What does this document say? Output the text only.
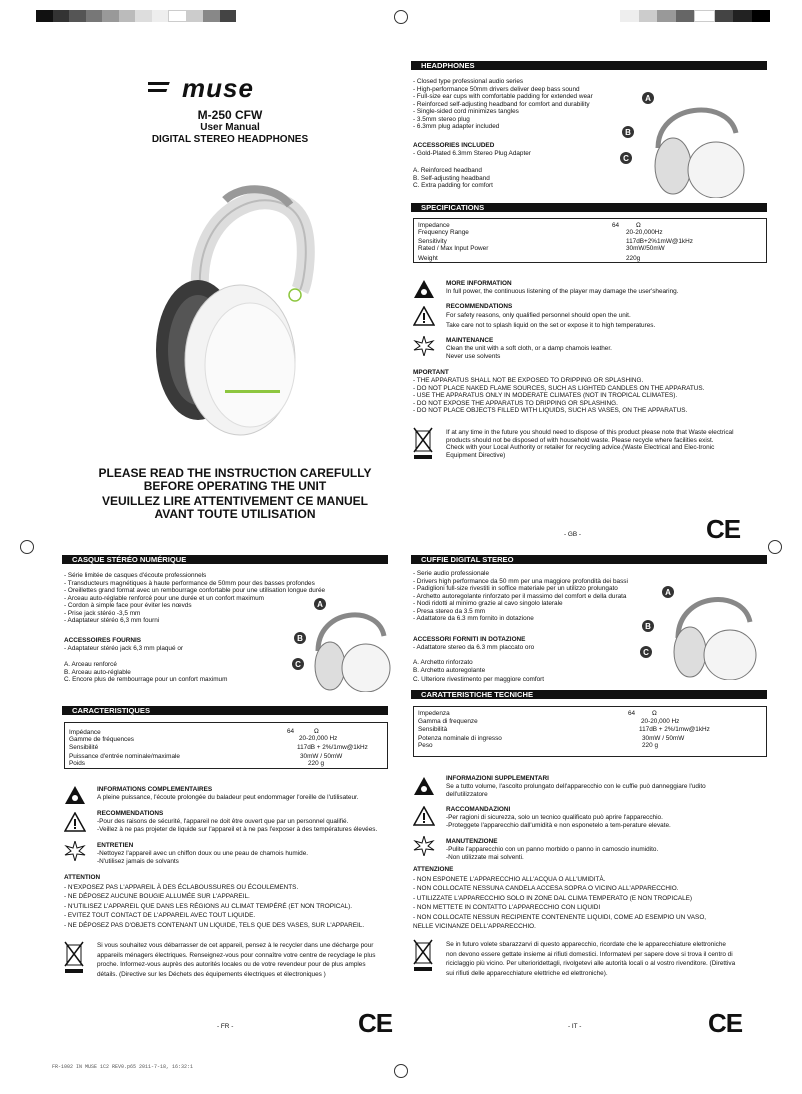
muse
M-250 CFW
User Manual
DIGITAL STEREO HEADPHONES
PLEASE READ THE INSTRUCTION CAREFULLY
BEFORE OPERATING THE UNIT
VEUILLEZ LIRE ATTENTIVEMENT CE MANUEL
AVANT TOUTE UTILISATION
HEADPHONES
- Closed type professional audio series
- High-performance 50mm drivers deliver deep bass sound
- Full-size ear cups with comfortable padding for extended wear
- Reinforced self-adjusting headband for comfort and durability
- Single-sided cord minimizes tangles
- 3.5mm stereo plug
- 6.3mm plug adapter included
ACCESSORIES INCLUDED
- Gold-Plated 6.3mm Stereo Plug Adapter
A. Reinforced headband
B. Self-adjusting headband
C. Extra padding for comfort
A
B
C
SPECIFICATIONS
Impedance	64	Ω
Frequency Range	20-20,000Hz
Sensitivity	117dB+2%1mW@1kHz
Rated / Max Input Power	30mW/50mW
Weight	220g
MORE INFORMATION
In full power, the continuous listening of the player may damage the user'shearing.
RECOMMENDATIONS
For safety reasons, only qualified personnel should open the unit.
Take care not to splash liquid on the set or expose it to high temperatures.
MAINTENANCE
Clean the unit with a soft cloth, or a damp chamois leather.
Never use solvents
MPORTANT
- THE APPARATUS SHALL NOT BE EXPOSED TO DRIPPING OR SPLASHING.
- DO NOT PLACE NAKED FLAME SOURCES, SUCH AS LIGHTED CANDLES ON THE APPARATUS.
- USE THE APPARATUS ONLY IN MODERATE CLIMATES (NOT IN TROPICAL CLIMATES).
- DO NOT EXPOSE THE APPARATUS TO DRIPPING OR SPLASHING.
- DO NOT PLACE OBJECTS FILLED WITH LIQUIDS, SUCH AS VASES, ON THE APPARATUS.
If at any time in the future you should need to dispose of this product please note that Waste electrical
products should not be disposed of with household waste. Please recycle where facilities exist.
Check with your Local Authority or retailer for recycling advice.(Waste Electrical and Elec-tronic
Equipment Directive)
- GB -	CE
CASQUE STÉRÉO NUMÉRIQUE
- Série limitée de casques d'écoute professionnels
- Transducteurs magnétiques à haute performance de 50mm pour des basses profondes
- Oreillettes grand format avec un rembourrage confortable pour une utilisation longue durée
- Arceau auto-réglable renforcé pour une durée et un confort maximum
- Cordon à simple face pour éviter les nœvds
- Prise jack stéréo -3,5 mm
- Adaptateur stéréo 6,3 mm fourni
ACCESSOIRES FOURNIS
- Adaptateur stéréo jack 6,3 mm plaqué or
A. Arceau renforcé
B. Arceau auto-réglable
C. Encore plus de rembourrage pour un confort maximum
A
B
C
CARACTERISTIQUES
Impédance	64	Ω
Gamme de fréquences	20-20,000 Hz
Sensibilité	117dB + 2%/1mw@1kHz
Puissance d'entrée nominale/maximale	30mW / 50mW
Poids	220 g
INFORMATIONS COMPLEMENTAIRES
A pleine puissance, l'écoute prolongée du baladeur peut endommager l'oreille de l'utilisateur.
RECOMMENDATIONS
-Pour des raisons de sécurité, l'appareil ne doit être ouvert que par un personnel qualifié.
-Veillez à ne pas projeter de liquide sur l'appareil et à ne pas l'exposer à des températures élevées.
ENTRETIEN
-Nettoyez l'appareil avec un chiffon doux ou une peau de chamois humide.
-N'utilisez jamais de solvants
ATTENTION
- N'EXPOSEZ PAS L'APPAREIL À DES ÉCLABOUSSURES OU ÉCOULEMENTS.
- NE DÉPOSEZ AUCUNE BOUGIE ALLUMÉE SUR L'APPAREIL.
- N'UTILISEZ L'APPAREIL QUE DANS LES RÉGIONS AU CLIMAT TEMPÉRÉ (ET NON TROPICAL).
- EVITEZ TOUT CONTACT DE L'APPAREIL AVEC TOUT LIQUIDE.
- NE DÉPOSEZ PAS D'OBJETS CONTENANT UN LIQUIDE, TELS QUE DES VASES, SUR L'APPAREIL.
Si vous souhaitez vous débarrasser de cet appareil, pensez à le recycler dans une décharge pour
appareils ménagers électriques. Renseignez-vous pour connaître votre centre de recyclage le plus
proche. Informez-vous auprès des autorités locales ou de votre revendeur pour de plus amples
détails. (Directive sur les Déchets des équipements électriques et électroniques )
- FR -	CE
CUFFIE DIGITAL STEREO
- Serie audio professionale
- Drivers high performance da 50 mm per una maggiore profondità dei bassi
- Padiglioni full-size rivestiti in soffice materiale per un utilizzo prolungato
- Archetto autoregolante rinforzato per il massimo del comfort e della durata
- Nodi ridotti al minimo grazie al cavo singolo laterale
- Presa stereo da 3.5 mm
- Adattatore da 6.3 mm fornito in dotazione
ACCESSORI FORNITI IN DOTAZIONE
- Adattatore stereo da 6.3 mm placcato oro
A. Archetto rinforzato
B. Archetto autoregolante
C. Ulteriore rivestimento per maggiore comfort
A
B
C
CARATTERISTICHE TECNICHE
Impedenza	64	Ω
Gamma di frequenze	20-20,000 Hz
Sensibilità	117dB + 2%/1mw@1kHz
Potenza nominale di ingresso	30mW / 50mW
Peso	220 g
INFORMAZIONI SUPPLEMENTARI
Se a tutto volume, l'ascolto prolungato dell'apparecchio con le cuffie può danneggiare l'udito
dell'utilizzatore
RACCOMANDAZIONI
-Per ragioni di sicurezza, solo un tecnico qualificato può aprire l'apparecchio.
-Proteggete l'apparecchio dall'umidità e non esponetelo a tem-perature elevate.
MANUTENZIONE
-Pulite l'apparecchio con un panno morbido o panno in camoscio inumidito.
-Non utilizzate mai solventi.
ATTENZIONE
- NON ESPONETE L'APPARECCHIO ALL'ACQUA O ALL'UMIDITÀ.
- NON COLLOCATE NESSUNA CANDELA ACCESA SOPRA O VICINO ALL'APPARECCHIO.
- UTILIZZATE L'APPARECCHIO SOLO IN ZONE DAL CLIMA TEMPERATO (E NON TROPICALE)
- NON METTETE IN CONTATTO L'APPARECCHIO CON LIQUIDI
- NON COLLOCATE NESSUN RECIPIENTE CONTENENTE LIQUIDI, COME AD ESEMPIO UN VASO,
NELLE VICINANZE DELL'APPARECCHIO.
Se in futuro volete sbarazzarvi di questo apparecchio, ricordate che le apparecchiature elettroniche
non devono essere gettate insieme ai rifiuti domestici. Informatevi per sapere dove si trova il centro di
riciclaggio più vicino. Per ulterioridettagli, rivolgetevi alle autorità locali o al vostro rivenditore. (Direttiva
sui rifiuti delle apparecchiature elettriche ed elettroniche).
- IT -	CE
FR-1002 IN MUSE 1C2 REV0.p65 2011-7-18, 16:32:1
